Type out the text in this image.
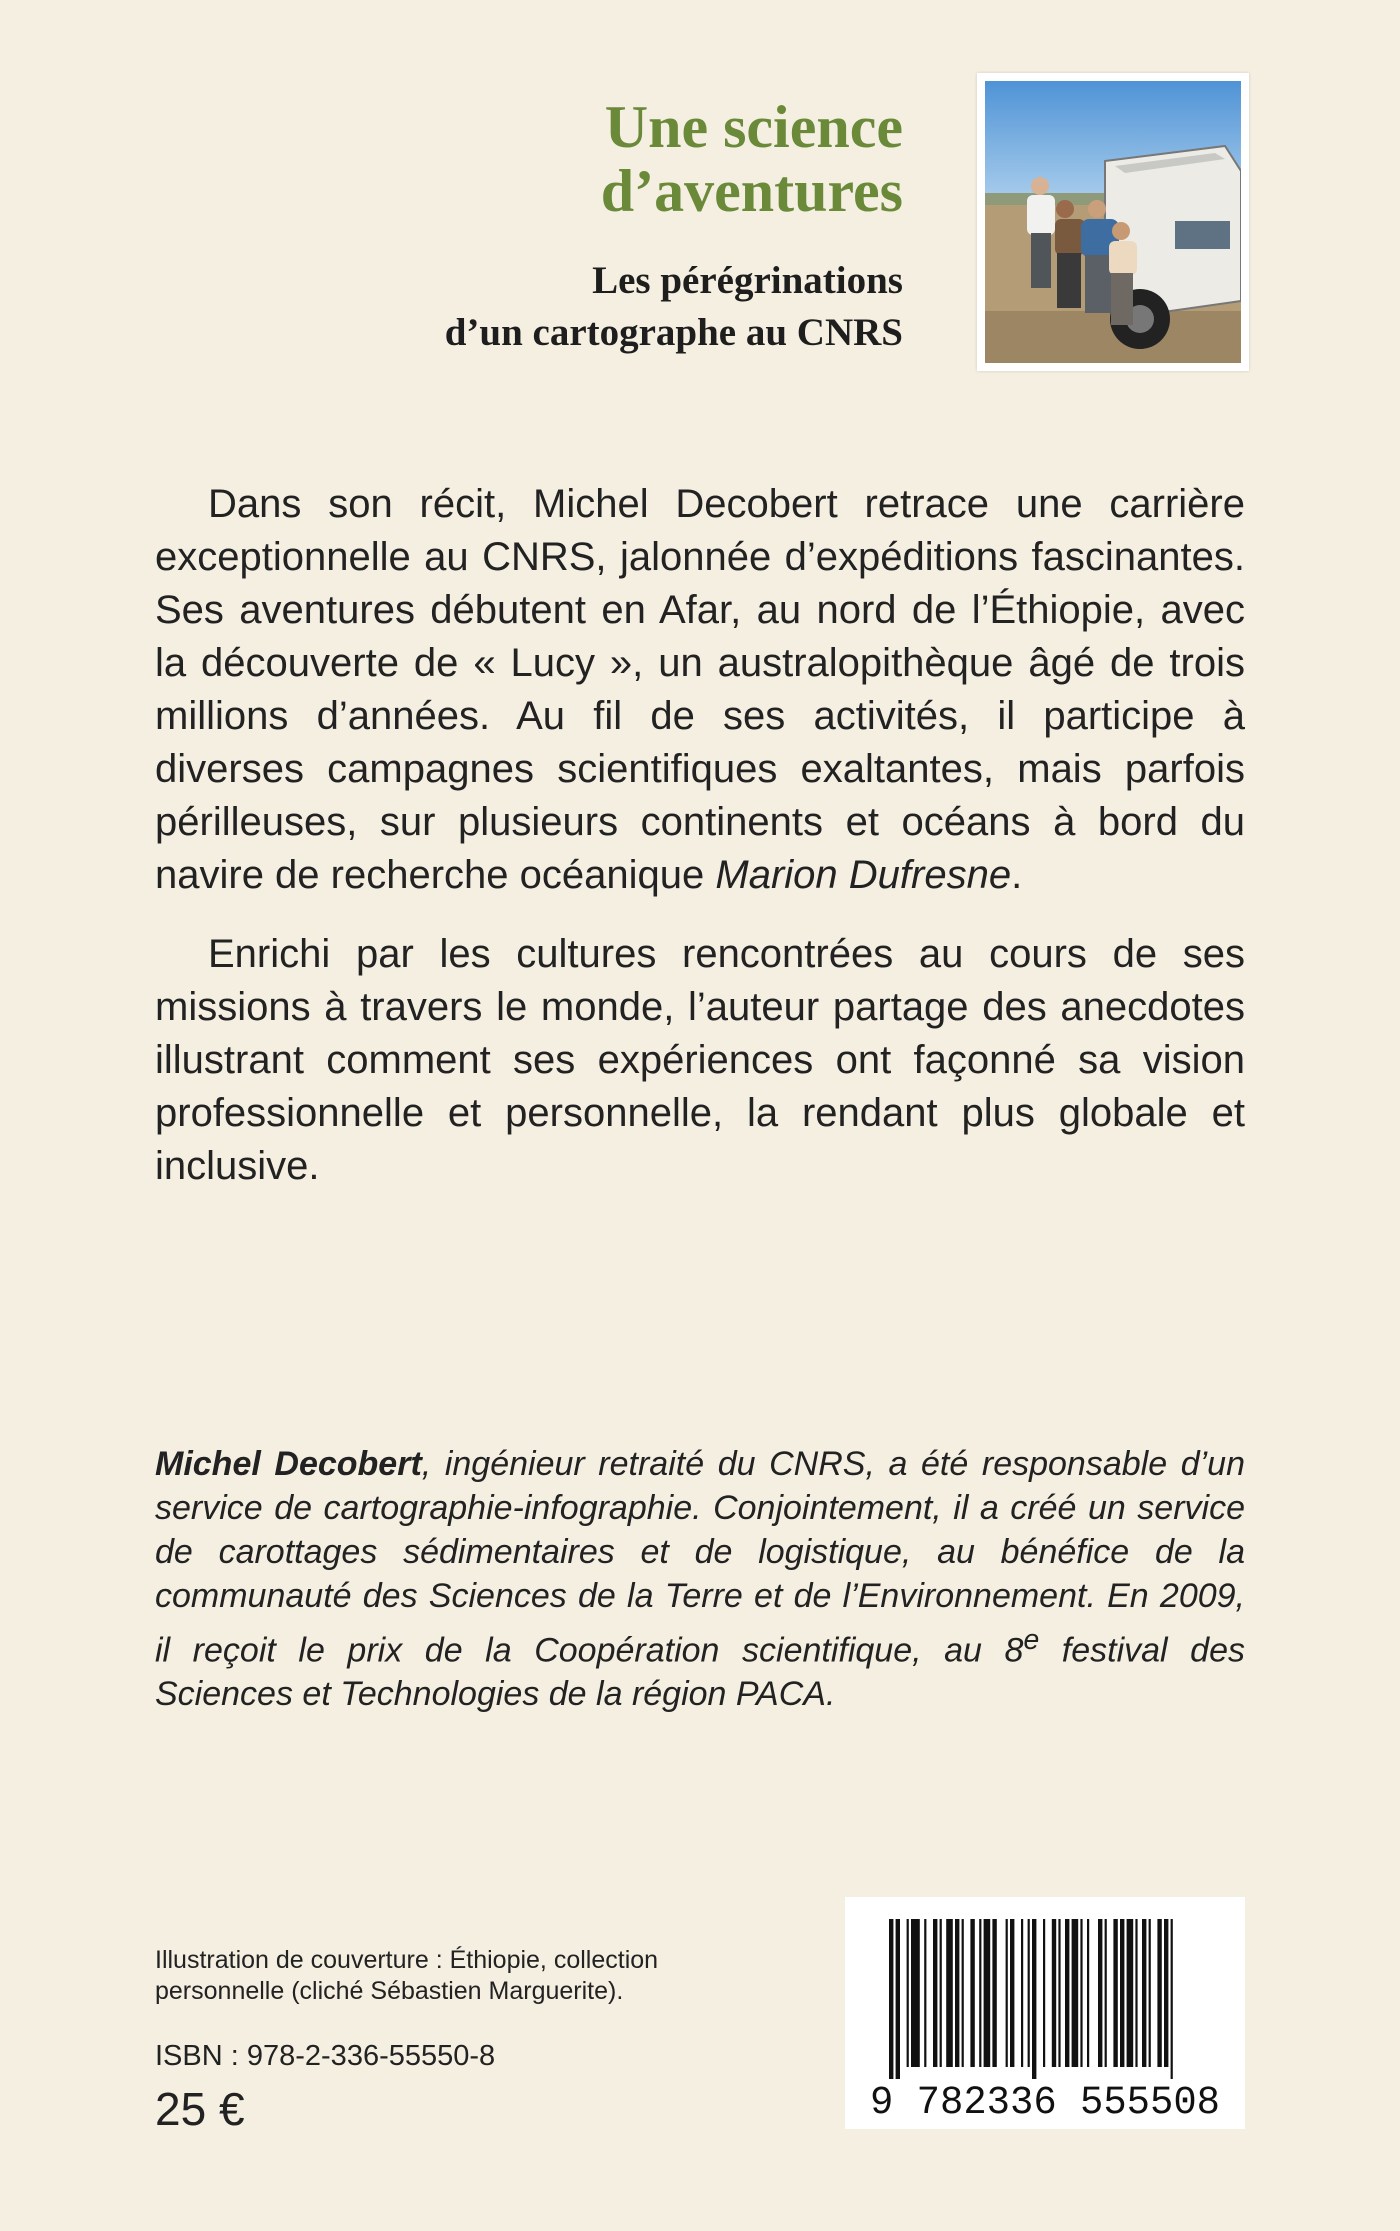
Une science
d’aventures
Les pérégrinations
d’un cartographe au CNRS

Dans son récit, Michel Decobert retrace une carrière exceptionnelle au CNRS, jalonnée d’expéditions fascinantes. Ses aventures débutent en Afar, au nord de l’Éthiopie, avec la découverte de « Lucy », un australopithèque âgé de trois millions d’années. Au fil de ses activités, il participe à diverses campagnes scientifiques exaltantes, mais parfois périlleuses, sur plusieurs continents et océans à bord du navire de recherche océanique Marion Dufresne.

Enrichi par les cultures rencontrées au cours de ses missions à travers le monde, l’auteur partage des anecdotes illustrant comment ses expériences ont façonné sa vision professionnelle et personnelle, la rendant plus globale et inclusive.

Michel Decobert, ingénieur retraité du CNRS, a été responsable d’un service de cartographie-infographie. Conjointement, il a créé un service de carottages sédimentaires et de logistique, au bénéfice de la communauté des Sciences de la Terre et de l’Environnement. En 2009, il reçoit le prix de la Coopération scientifique, au 8e festival des Sciences et Technologies de la région PACA.
Illustration de couverture : Éthiopie, collection
personnelle (cliché Sébastien Marguerite).
ISBN : 978-2-336-55550-8
25 €	9 782336 555508
